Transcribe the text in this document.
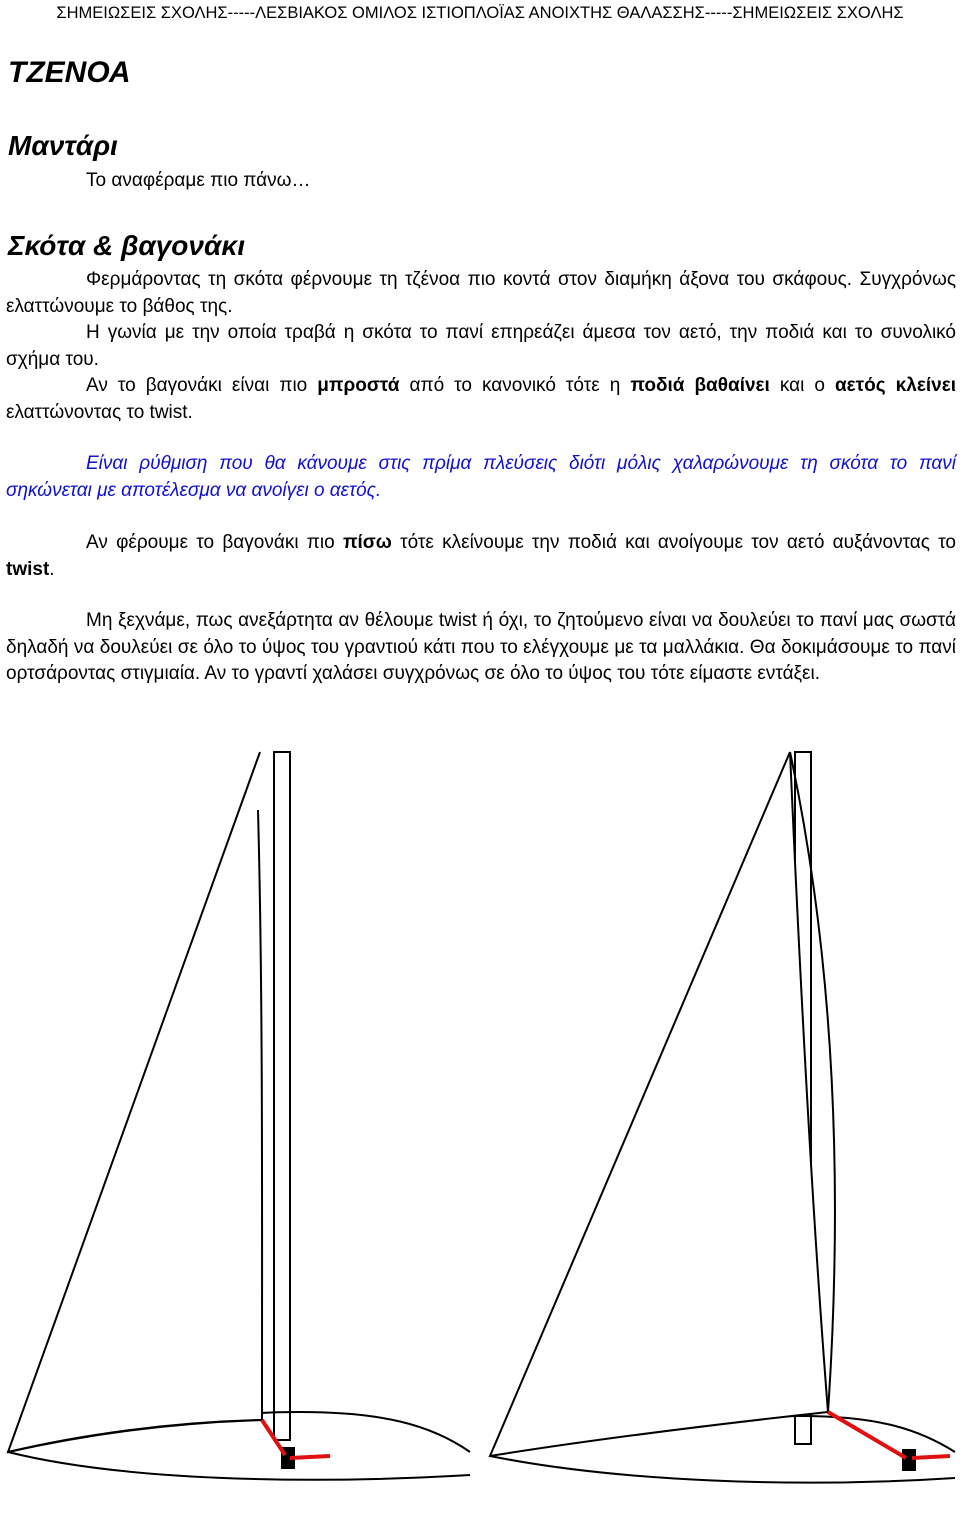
ΣΗΜΕΙΩΣΕΙΣ ΣΧΟΛΗΣ-----ΛΕΣΒΙΑΚΟΣ ΟΜΙΛΟΣ ΙΣΤΙΟΠΛΟΪΑΣ ΑΝΟΙΧΤΗΣ ΘΑΛΑΣΣΗΣ-----ΣΗΜΕΙΩΣΕΙΣ ΣΧΟΛΗΣ
ΤΖΕΝΟΑ
Μαντάρι

Το αναφέραμε πιο πάνω…

Σκότα & βαγονάκι

Φερμάροντας τη σκότα φέρνουμε τη τζένοα πιο κοντά στον διαμήκη άξονα του σκάφους. Συγχρόνως ελαττώνουμε το βάθος της.

Η γωνία με την οποία τραβά η σκότα το πανί επηρεάζει άμεσα τον αετό, την ποδιά και το συνολικό σχήμα του.

Αν το βαγονάκι είναι πιο μπροστά από το κανονικό τότε η ποδιά βαθαίνει και ο αετός κλείνει ελαττώνοντας το twist.

Είναι ρύθμιση που θα κάνουμε στις πρίμα πλεύσεις διότι μόλις χαλαρώνουμε τη σκότα το πανί σηκώνεται με αποτέλεσμα να ανοίγει ο αετός.

Αν φέρουμε το βαγονάκι πιο πίσω τότε κλείνουμε την ποδιά και ανοίγουμε τον αετό αυξάνοντας το twist.

Μη ξεχνάμε, πως ανεξάρτητα αν θέλουμε twist ή όχι, το ζητούμενο είναι να δουλεύει το πανί μας σωστά δηλαδή να δουλεύει σε όλο το ύψος του γραντιού κάτι που το ελέγχουμε με τα μαλλάκια. Θα δοκιμάσουμε το πανί ορτσάροντας στιγμιαία. Αν το γραντί χαλάσει συγχρόνως σε όλο το ύψος του τότε είμαστε εντάξει.
